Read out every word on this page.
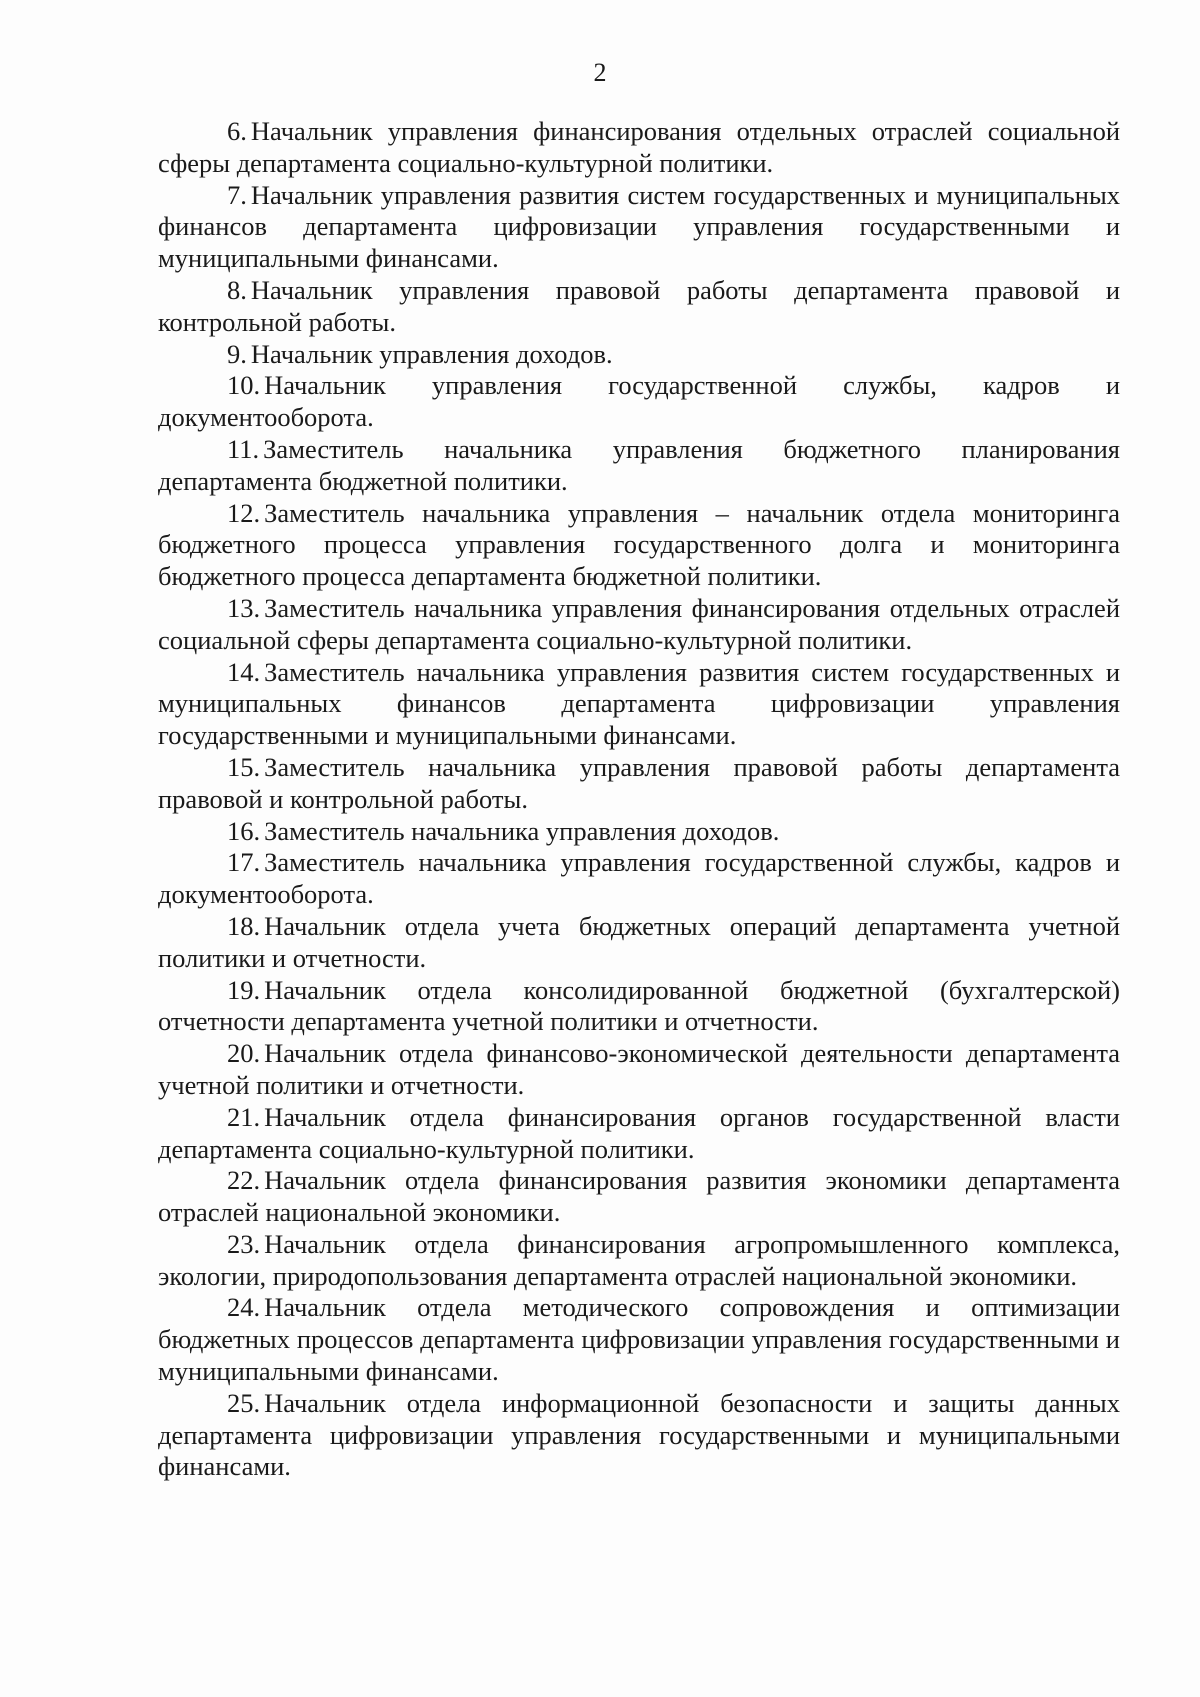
2

6. Начальник управления финансирования отдельных отраслей социальной сферы департамента социально-культурной политики.

7. Начальник управления развития систем государственных и муниципальных финансов департамента цифровизации управления государственными и муниципальными финансами.

8. Начальник управления правовой работы департамента правовой и контрольной работы.

9. Начальник управления доходов.

10. Начальник управления государственной службы, кадров и документооборота.

11. Заместитель начальника управления бюджетного планирования департамента бюджетной политики.

12. Заместитель начальника управления – начальник отдела мониторинга бюджетного процесса управления государственного долга и мониторинга бюджетного процесса департамента бюджетной политики.

13. Заместитель начальника управления финансирования отдельных отраслей социальной сферы департамента социально-культурной политики.

14. Заместитель начальника управления развития систем государственных и муниципальных финансов департамента цифровизации управления государственными и муниципальными финансами.

15. Заместитель начальника управления правовой работы департамента правовой и контрольной работы.

16. Заместитель начальника управления доходов.

17. Заместитель начальника управления государственной службы, кадров и документооборота.

18. Начальник отдела учета бюджетных операций департамента учетной политики и отчетности.

19. Начальник отдела консолидированной бюджетной (бухгалтерской) отчетности департамента учетной политики и отчетности.

20. Начальник отдела финансово-экономической деятельности департамента учетной политики и отчетности.

21. Начальник отдела финансирования органов государственной власти департамента социально-культурной политики.

22. Начальник отдела финансирования развития экономики департамента отраслей национальной экономики.

23. Начальник отдела финансирования агропромышленного комплекса, экологии, природопользования департамента отраслей национальной экономики.

24. Начальник отдела методического сопровождения и оптимизации бюджетных процессов департамента цифровизации управления государственными и муниципальными финансами.

25. Начальник отдела информационной безопасности и защиты данных департамента цифровизации управления государственными и муниципальными финансами.
